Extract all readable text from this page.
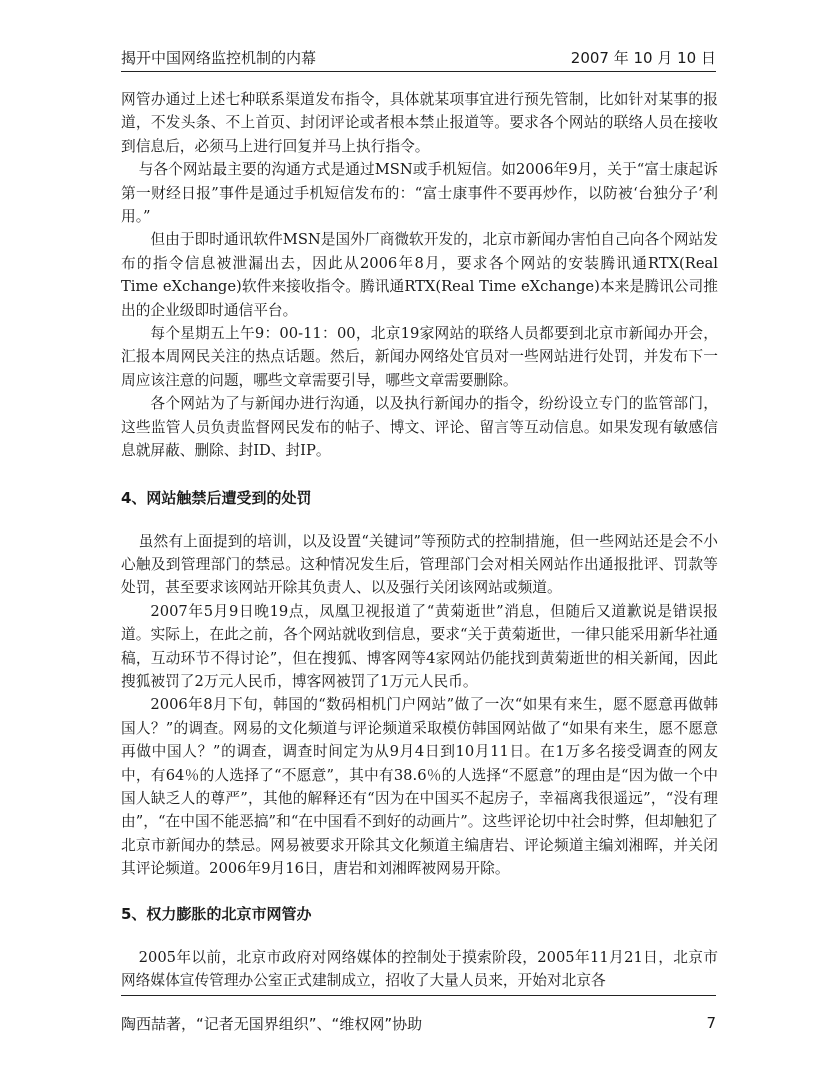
揭开中国网络监控机制的内幕	2007 年 10 月 10 日

网管办通过上述七种联系渠道发布指令，具体就某项事宜进行预先管制，比如针对某事的报道，不发头条、不上首页、封闭评论或者根本禁止报道等。要求各个网站的联络人员在接收到信息后，必须马上进行回复并马上执行指令。

与各个网站最主要的沟通方式是通过MSN或手机短信。如2006年9月，关于“富士康起诉第一财经日报”事件是通过手机短信发布的：“富士康事件不要再炒作，以防被‘台独分子’利用。”

但由于即时通讯软件MSN是国外厂商微软开发的，北京市新闻办害怕自己向各个网站发布的指令信息被泄漏出去，因此从2006年8月，要求各个网站的安装腾讯通RTX(Real Time eXchange)软件来接收指令。腾讯通RTX(Real Time eXchange)本来是腾讯公司推出的企业级即时通信平台。

每个星期五上午9：00-11：00，北京19家网站的联络人员都要到北京市新闻办开会，汇报本周网民关注的热点话题。然后，新闻办网络处官员对一些网站进行处罚，并发布下一周应该注意的问题，哪些文章需要引导，哪些文章需要删除。

各个网站为了与新闻办进行沟通，以及执行新闻办的指令，纷纷设立专门的监管部门，这些监管人员负责监督网民发布的帖子、博文、评论、留言等互动信息。如果发现有敏感信息就屏蔽、删除、封ID、封IP。

4、网站触禁后遭受到的处罚

虽然有上面提到的培训，以及设置“关键词”等预防式的控制措施，但一些网站还是会不小心触及到管理部门的禁忌。这种情况发生后，管理部门会对相关网站作出通报批评、罚款等处罚，甚至要求该网站开除其负责人、以及强行关闭该网站或频道。

2007年5月9日晚19点，凤凰卫视报道了“黄菊逝世”消息，但随后又道歉说是错误报道。实际上，在此之前，各个网站就收到信息，要求“关于黄菊逝世，一律只能采用新华社通稿，互动环节不得讨论”，但在搜狐、博客网等4家网站仍能找到黄菊逝世的相关新闻，因此搜狐被罚了2万元人民币，博客网被罚了1万元人民币。

2006年8月下旬，韩国的“数码相机门户网站”做了一次“如果有来生，愿不愿意再做韩国人？”的调查。网易的文化频道与评论频道采取模仿韩国网站做了“如果有来生，愿不愿意再做中国人？”的调查，调查时间定为从9月4日到10月11日。在1万多名接受调查的网友中，有64％的人选择了“不愿意”，其中有38.6％的人选择“不愿意”的理由是“因为做一个中国人缺乏人的尊严”，其他的解释还有“因为在中国买不起房子，幸福离我很遥远”，“没有理由”，“在中国不能恶搞”和“在中国看不到好的动画片”。这些评论切中社会时弊，但却触犯了北京市新闻办的禁忌。网易被要求开除其文化频道主编唐岩、评论频道主编刘湘晖，并关闭其评论频道。2006年9月16日，唐岩和刘湘晖被网易开除。

5、权力膨胀的北京市网管办

2005年以前，北京市政府对网络媒体的控制处于摸索阶段，2005年11月21日，北京市网络媒体宣传管理办公室正式建制成立，招收了大量人员来，开始对北京各

陶西喆著，“记者无国界组织”、“维权网”协助	7
